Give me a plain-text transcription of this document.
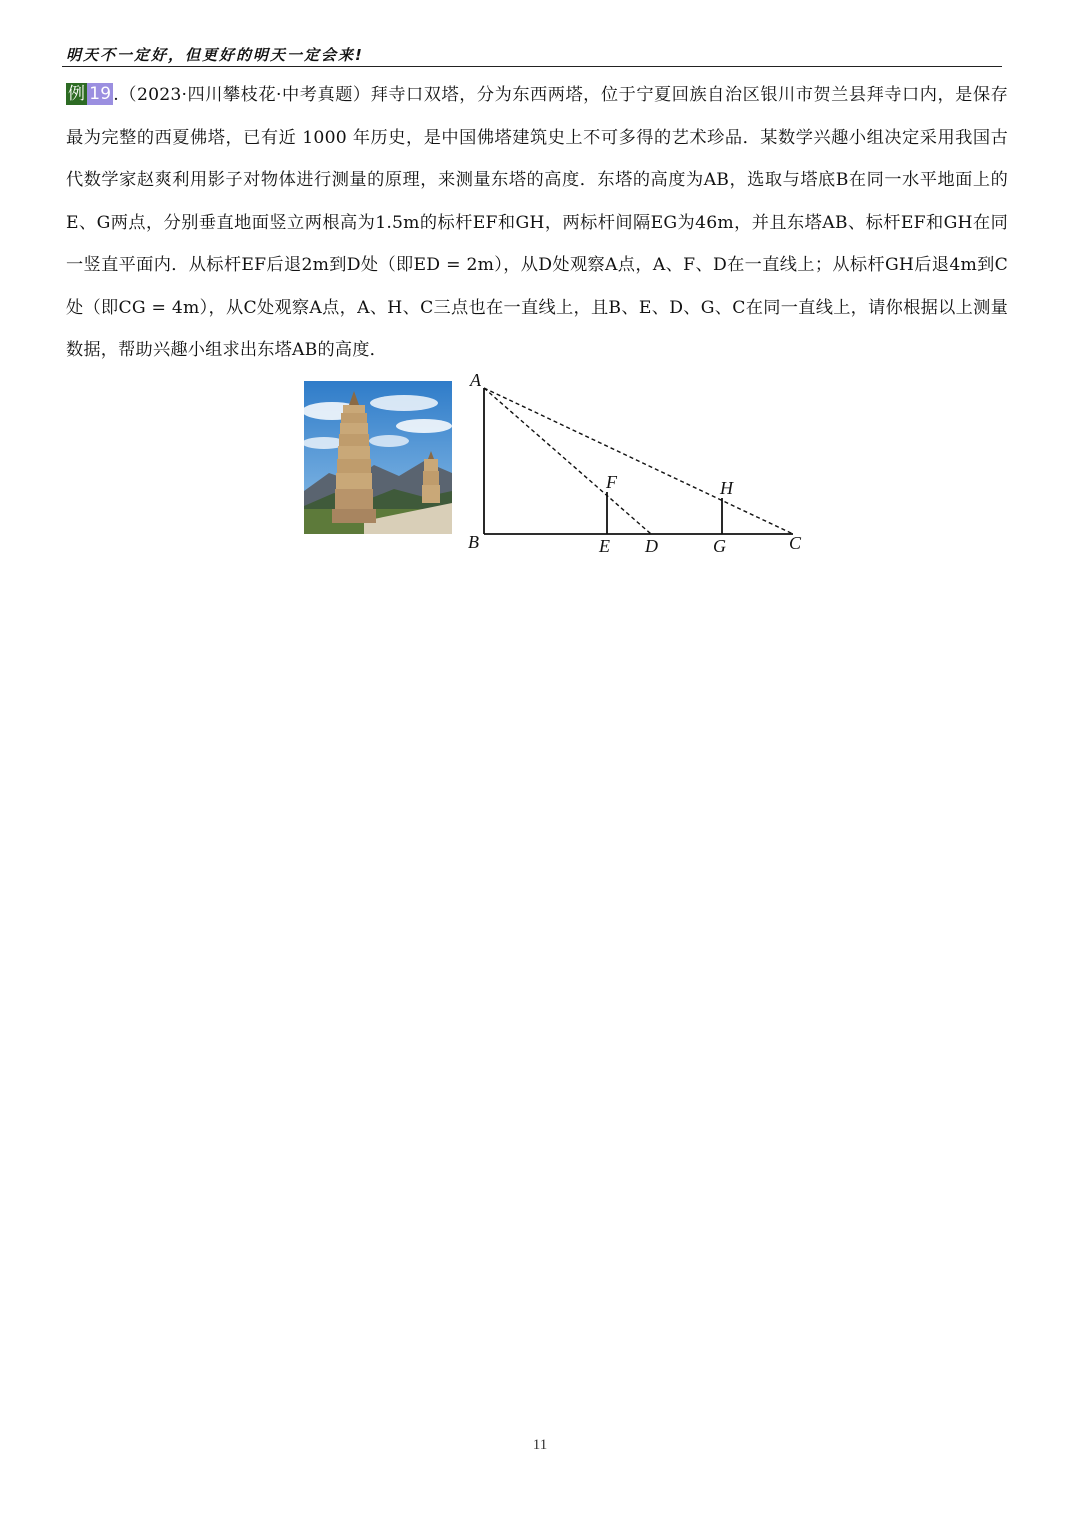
明天不一定好，但更好的明天一定会来!
例 19 .（2023·四川攀枝花·中考真题）拜寺口双塔，分为东西两塔，位于宁夏回族自治区银川市贺兰县拜寺口内，是保存最为完整的西夏佛塔，已有近 1000 年历史，是中国佛塔建筑史上不可多得的艺术珍品．某数学兴趣小组决定采用我国古代数学家赵爽利用影子对物体进行测量的原理，来测量东塔的高度．东塔的高度为AB，选取与塔底B在同一水平地面上的E、G两点，分别垂直地面竖立两根高为1.5m的标杆EF和GH，两标杆间隔EG为46m，并且东塔AB、标杆EF和GH在同一竖直平面内．从标杆EF后退2m到D处（即ED = 2m），从D处观察A点，A、F、D在一直线上；从标杆GH后退4m到C处（即CG = 4m），从C处观察A点，A、H、C三点也在一直线上，且B、E、D、G、C在同一直线上，请你根据以上测量数据，帮助兴趣小组求出东塔AB的高度．
A
B	E D	G	C
F	H
11
